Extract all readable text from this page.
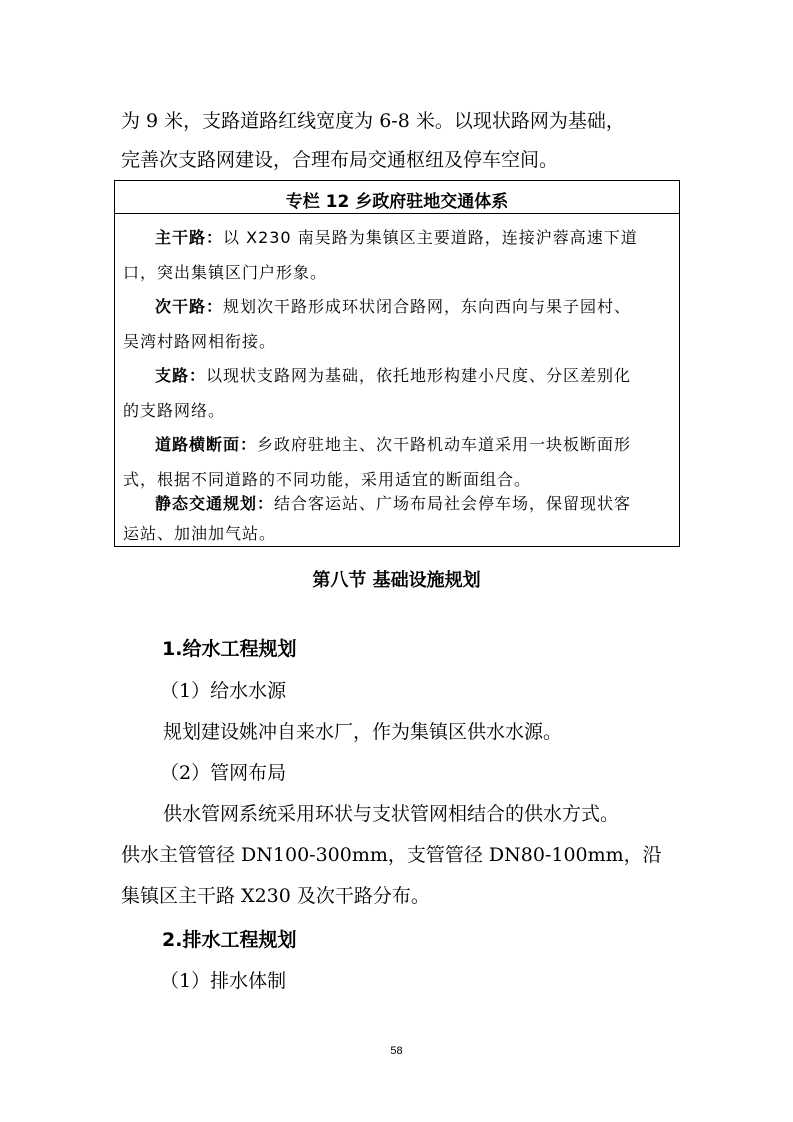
为 9 米，支路道路红线宽度为 6-8 米。以现状路网为基础，
完善次支路网建设，合理布局交通枢纽及停车空间。
专栏 12 乡政府驻地交通体系
主干路：以 X230 南吴路为集镇区主要道路，连接沪蓉高速下道
口，突出集镇区门户形象。
次干路：规划次干路形成环状闭合路网，东向西向与果子园村、
吴湾村路网相衔接。
支路：以现状支路网为基础，依托地形构建小尺度、分区差别化
的支路网络。
道路横断面：乡政府驻地主、次干路机动车道采用一块板断面形
式，根据不同道路的不同功能，采用适宜的断面组合。
静态交通规划：结合客运站、广场布局社会停车场，保留现状客
运站、加油加气站。
第八节 基础设施规划
1.给水工程规划
（1）给水水源
规划建设姚冲自来水厂，作为集镇区供水水源。
（2）管网布局
供水管网系统采用环状与支状管网相结合的供水方式。
供水主管管径 DN100-300mm，支管管径 DN80-100mm，沿
集镇区主干路 X230 及次干路分布。
2.排水工程规划
（1）排水体制
58
